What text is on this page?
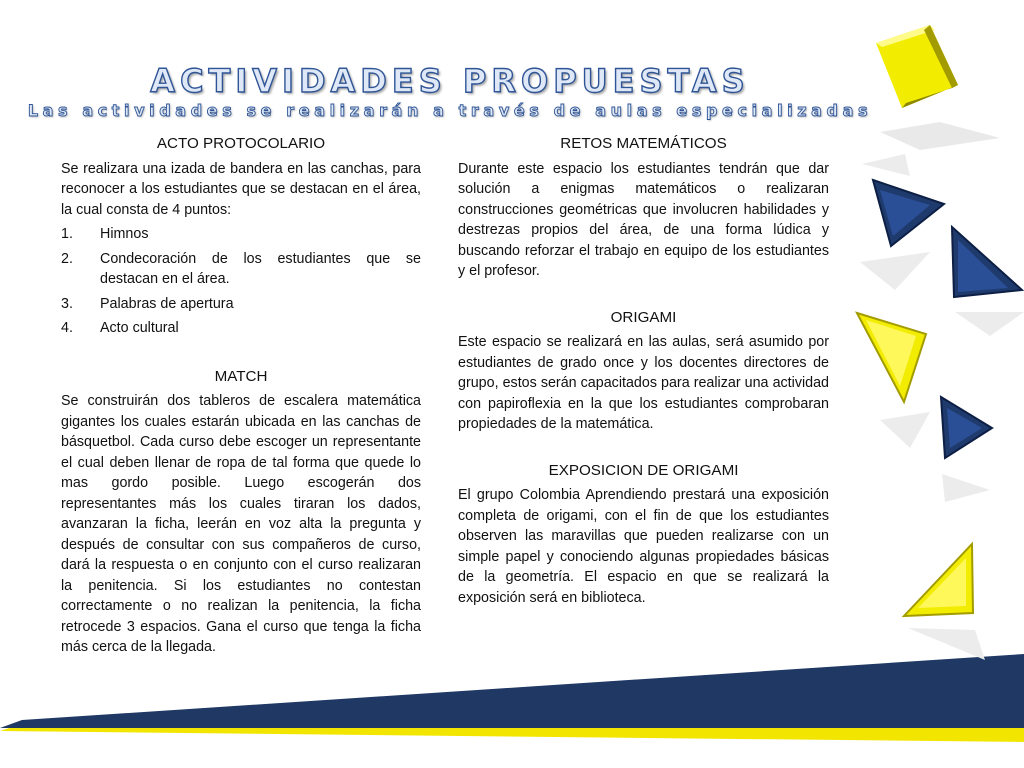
ACTIVIDADES PROPUESTAS
Las actividades se realizarán a través de aulas especializadas
ACTO PROTOCOLARIO

Se realizara una izada de bandera en las canchas, para reconocer a los estudiantes que se destacan en el área, la cual consta de 4 puntos:

1. Himnos
2. Condecoración de los estudiantes que se destacan en el área.
3. Palabras de apertura
4. Acto cultural
MATCH

Se construirán dos tableros de escalera matemática gigantes los cuales estarán ubicada en las canchas de básquetbol. Cada curso debe escoger un representante el cual deben llenar de ropa de tal forma que quede lo mas gordo posible. Luego escogerán dos representantes más los cuales tiraran los dados, avanzaran la ficha, leerán en voz alta la pregunta y después de consultar con sus compañeros de curso, dará la respuesta o en conjunto con el curso realizaran la penitencia. Si los estudiantes no contestan correctamente o no realizan la penitencia, la ficha retrocede 3 espacios. Gana el curso que tenga la ficha más cerca de la llegada.

RETOS MATEMÁTICOS

Durante este espacio los estudiantes tendrán que dar solución a enigmas matemáticos o realizaran construcciones geométricas que involucren habilidades y destrezas propios del área, de una forma lúdica y buscando reforzar el trabajo en equipo de los estudiantes y el profesor.

ORIGAMI

Este espacio se realizará en las aulas, será asumido por estudiantes de grado once y los docentes directores de grupo, estos serán capacitados para realizar una actividad con papiroflexia en la que los estudiantes comprobaran propiedades de la matemática.

EXPOSICION DE ORIGAMI

El grupo Colombia Aprendiendo prestará una exposición completa de origami, con el fin de que los estudiantes observen las maravillas que pueden realizarse con un simple papel y conociendo algunas propiedades básicas de la geometría. El espacio en que se realizará la exposición será en biblioteca.
